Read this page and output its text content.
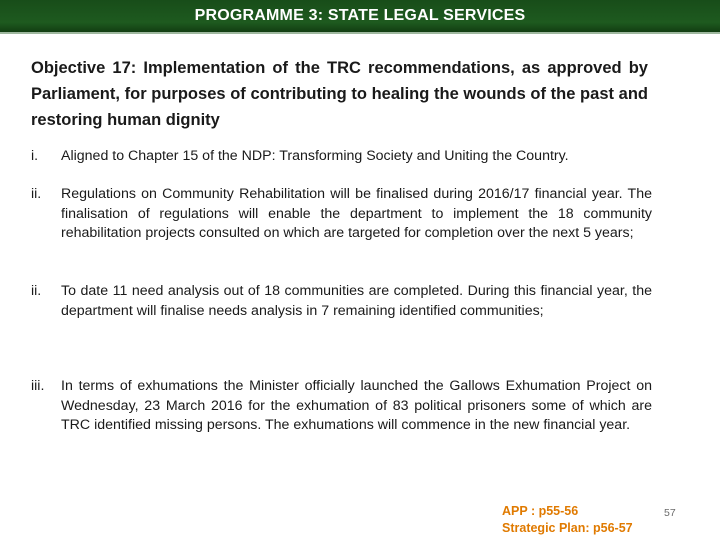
PROGRAMME 3: STATE LEGAL SERVICES
Objective 17: Implementation of the TRC recommendations, as approved by Parliament, for purposes of contributing to healing the wounds of the past and restoring human dignity
i.	Aligned to Chapter 15 of the NDP: Transforming Society and Uniting the Country.
ii.	Regulations on Community Rehabilitation will be finalised during 2016/17 financial year. The finalisation of regulations will enable the department to implement the 18 community rehabilitation projects consulted on which are targeted for completion over the next 5 years;
ii.	To date 11 need analysis out of 18 communities are completed. During this financial year, the department will finalise needs analysis in 7 remaining identified communities;
iii.	In terms of exhumations the Minister officially launched the Gallows Exhumation Project on Wednesday, 23 March 2016 for the exhumation of 83 political prisoners some of which are TRC identified missing persons. The exhumations will commence in the new financial year.
APP : p55-56
Strategic Plan: p56-57
57
